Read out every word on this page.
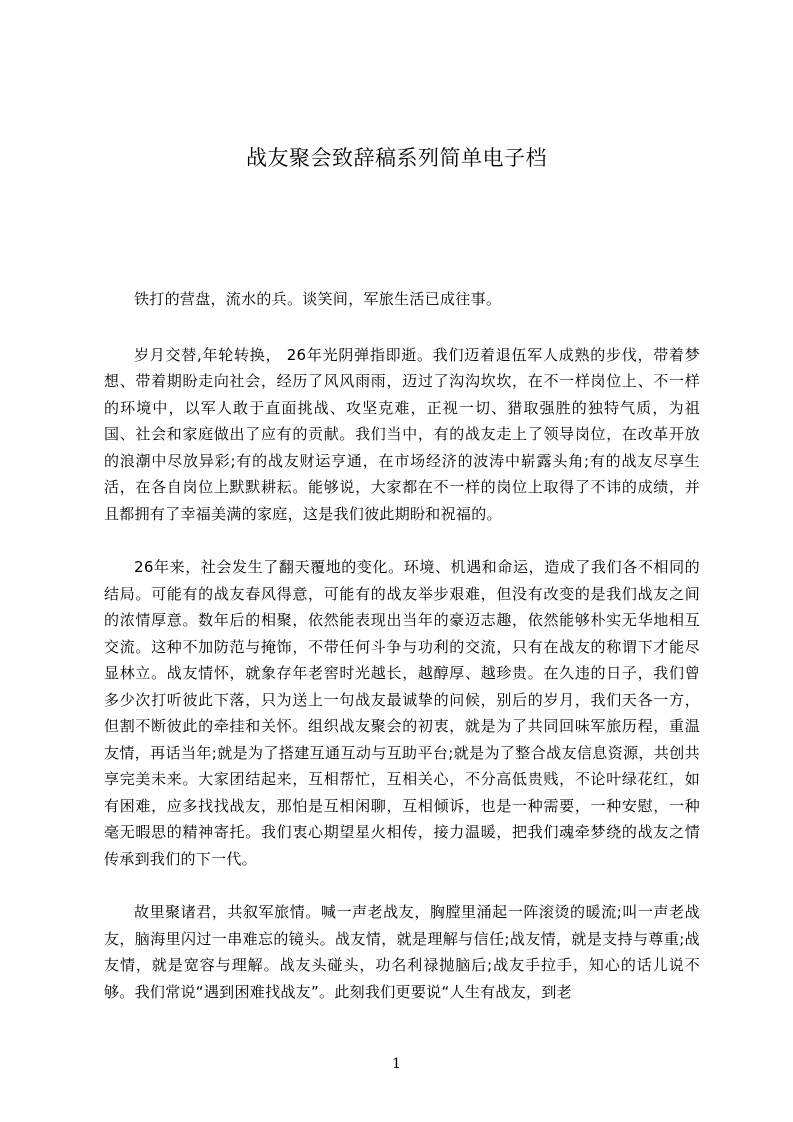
战友聚会致辞稿系列简单电子档

铁打的营盘，流水的兵。谈笑间，军旅生活已成往事。

岁月交替,年轮转换， 26年光阴弹指即逝。我们迈着退伍军人成熟的步伐，带着梦想、带着期盼走向社会，经历了风风雨雨，迈过了沟沟坎坎，在不一样岗位上、不一样的环境中，以军人敢于直面挑战、攻坚克难，正视一切、猎取强胜的独特气质，为祖国、社会和家庭做出了应有的贡献。我们当中，有的战友走上了领导岗位，在改革开放的浪潮中尽放异彩;有的战友财运亨通，在市场经济的波涛中崭露头角;有的战友尽享生活，在各自岗位上默默耕耘。能够说，大家都在不一样的岗位上取得了不讳的成绩，并且都拥有了幸福美满的家庭，这是我们彼此期盼和祝福的。

26年来，社会发生了翻天覆地的变化。环境、机遇和命运，造成了我们各不相同的结局。可能有的战友春风得意，可能有的战友举步艰难，但没有改变的是我们战友之间的浓情厚意。数年后的相聚，依然能表现出当年的豪迈志趣，依然能够朴实无华地相互交流。这种不加防范与掩饰，不带任何斗争与功利的交流，只有在战友的称谓下才能尽显林立。战友情怀，就象存年老窖时光越长，越醇厚、越珍贵。在久违的日子，我们曾多少次打听彼此下落，只为送上一句战友最诚挚的问候，别后的岁月，我们天各一方，但割不断彼此的牵挂和关怀。组织战友聚会的初衷，就是为了共同回味军旅历程，重温友情，再话当年;就是为了搭建互通互动与互助平台;就是为了整合战友信息资源，共创共享完美未来。大家团结起来，互相帮忙，互相关心，不分高低贵贱，不论叶绿花红，如有困难，应多找找战友，那怕是互相闲聊，互相倾诉，也是一种需要，一种安慰，一种毫无暇思的精神寄托。我们衷心期望星火相传，接力温暖，把我们魂牵梦绕的战友之情传承到我们的下一代。

故里聚诸君，共叙军旅情。喊一声老战友，胸膛里涌起一阵滚烫的暖流;叫一声老战友，脑海里闪过一串难忘的镜头。战友情，就是理解与信任;战友情，就是支持与尊重;战友情，就是宽容与理解。战友头碰头，功名利禄抛脑后;战友手拉手，知心的话儿说不够。我们常说“遇到困难找战友”。此刻我们更要说“人生有战友，到老

1
